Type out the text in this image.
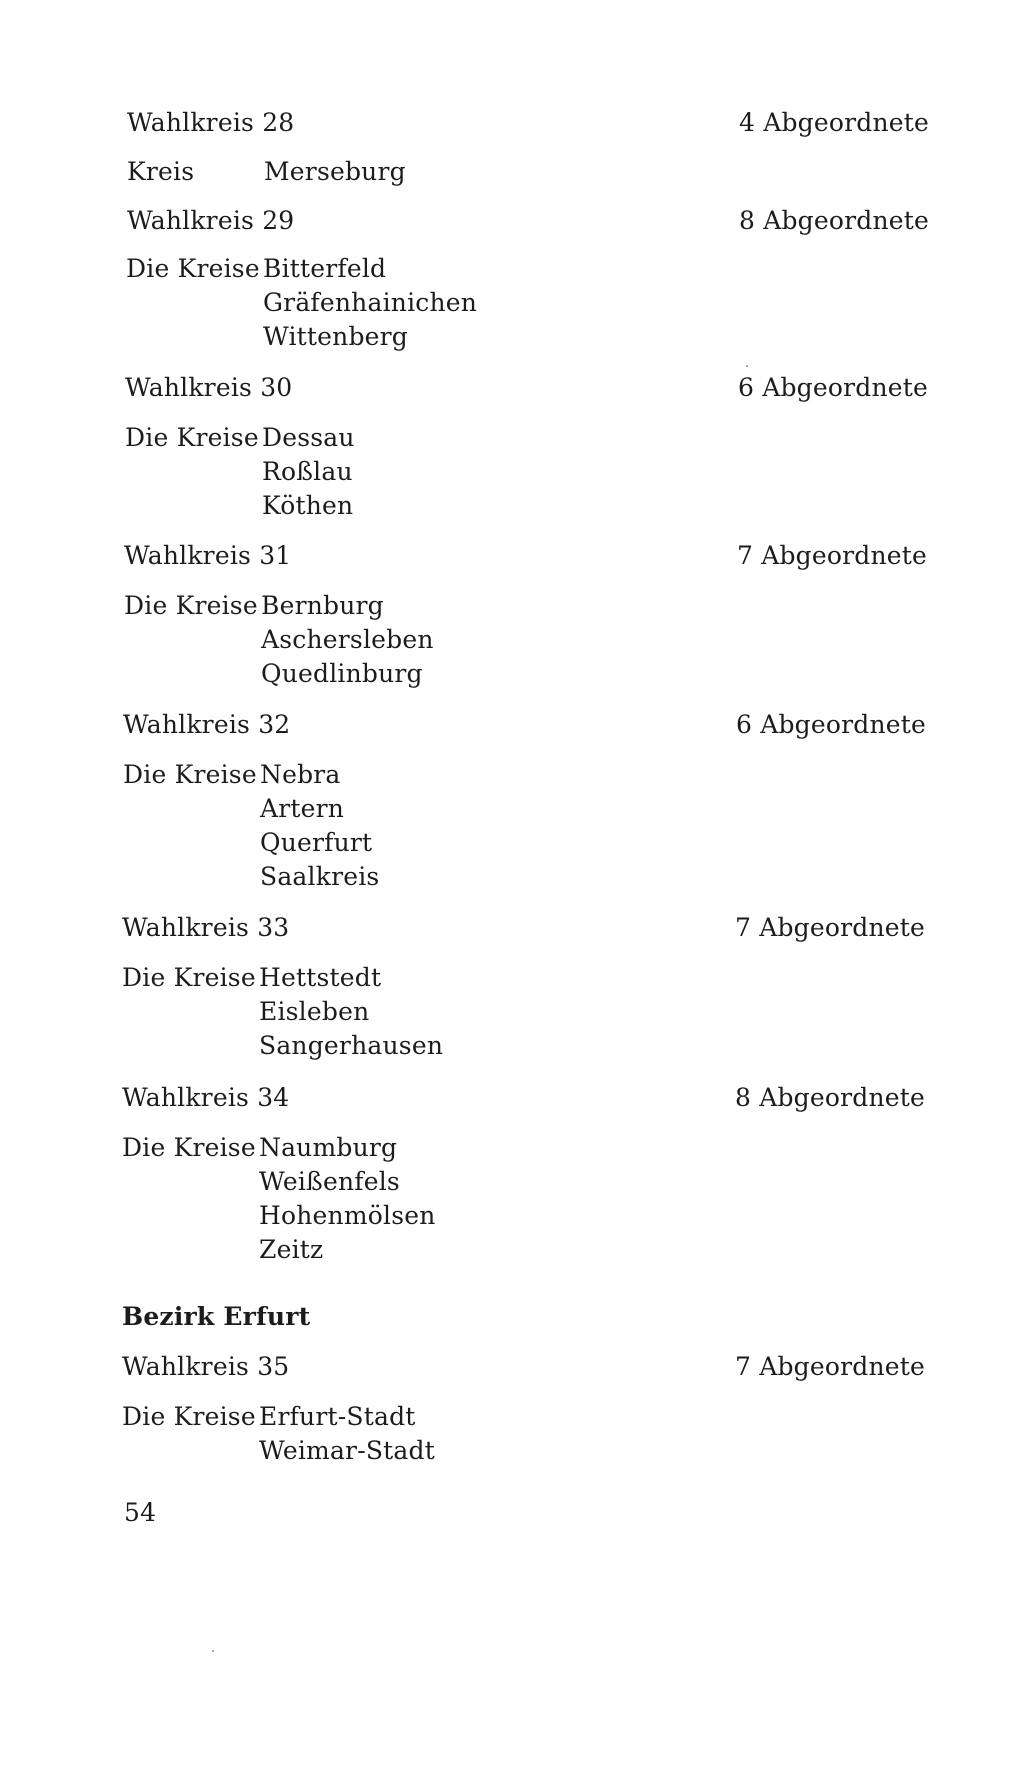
Wahlkreis 28	4 Abgeordnete
Kreis	Merseburg
Wahlkreis 29	8 Abgeordnete
Die Kreise Bitterfeld
Gräfenhainichen
Wittenberg
Wahlkreis 30	6 Abgeordnete
Die Kreise Dessau
Roßlau
Köthen
Wahlkreis 31	7 Abgeordnete
Die Kreise Bernburg
Aschersleben
Quedlinburg
Wahlkreis 32	6 Abgeordnete
Die Kreise Nebra
Artern
Querfurt
Saalkreis
Wahlkreis 33	7 Abgeordnete
Die Kreise Hettstedt
Eisleben
Sangerhausen
Wahlkreis 34	8 Abgeordnete
Die Kreise Naumburg
Weißenfels
Hohenmölsen
Zeitz
Bezirk Erfurt
Wahlkreis 35	7 Abgeordnete
Die Kreise Erfurt-Stadt
Weimar-Stadt
54
